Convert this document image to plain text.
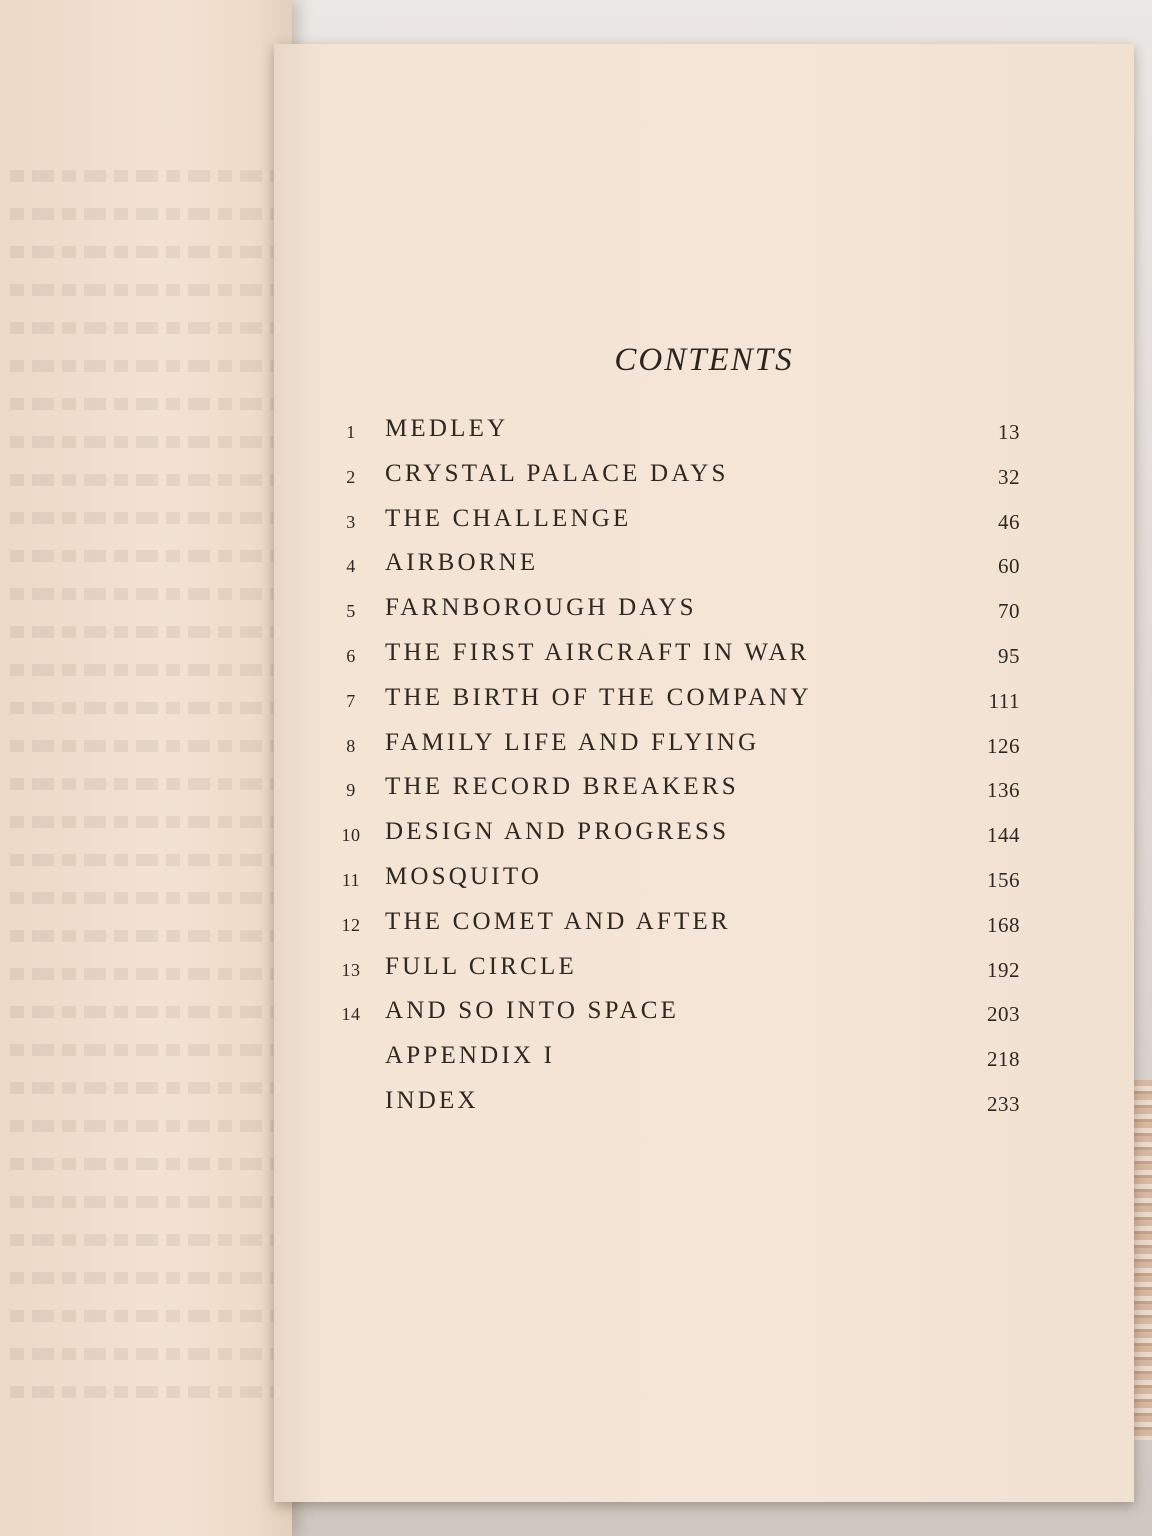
CONTENTS
1	MEDLEY	13
2	CRYSTAL PALACE DAYS	32
3	THE CHALLENGE	46
4	AIRBORNE	60
5	FARNBOROUGH DAYS	70
6	THE FIRST AIRCRAFT IN WAR	95
7	THE BIRTH OF THE COMPANY	111
8	FAMILY LIFE AND FLYING	126
9	THE RECORD BREAKERS	136
10 DESIGN AND PROGRESS	144
11 MOSQUITO	156
12 THE COMET AND AFTER	168
13 FULL CIRCLE	192
14 AND SO INTO SPACE	203
APPENDIX I	218
INDEX	233
